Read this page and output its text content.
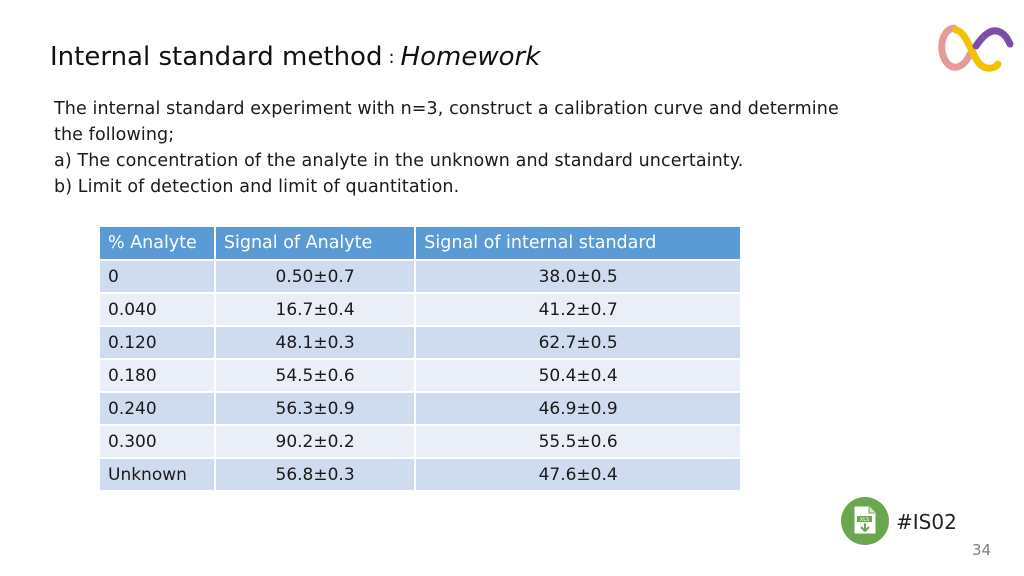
Internal standard method : Homework

The internal standard experiment with n=3, construct a calibration curve and determine

the following;

a) The concentration of the analyte in the unknown and standard uncertainty.

b) Limit of detection and limit of quantitation.

% Analyte	Signal of Analyte	Signal of internal standard
0	0.50±0.7	38.0±0.5
0.040	16.7±0.4	41.2±0.7
0.120	48.1±0.3	62.7±0.5
0.180	54.5±0.6	50.4±0.4
0.240	56.3±0.9	46.9±0.9
0.300	90.2±0.2	55.5±0.6
Unknown	56.8±0.3	47.6±0.4
XLS #IS02
34
